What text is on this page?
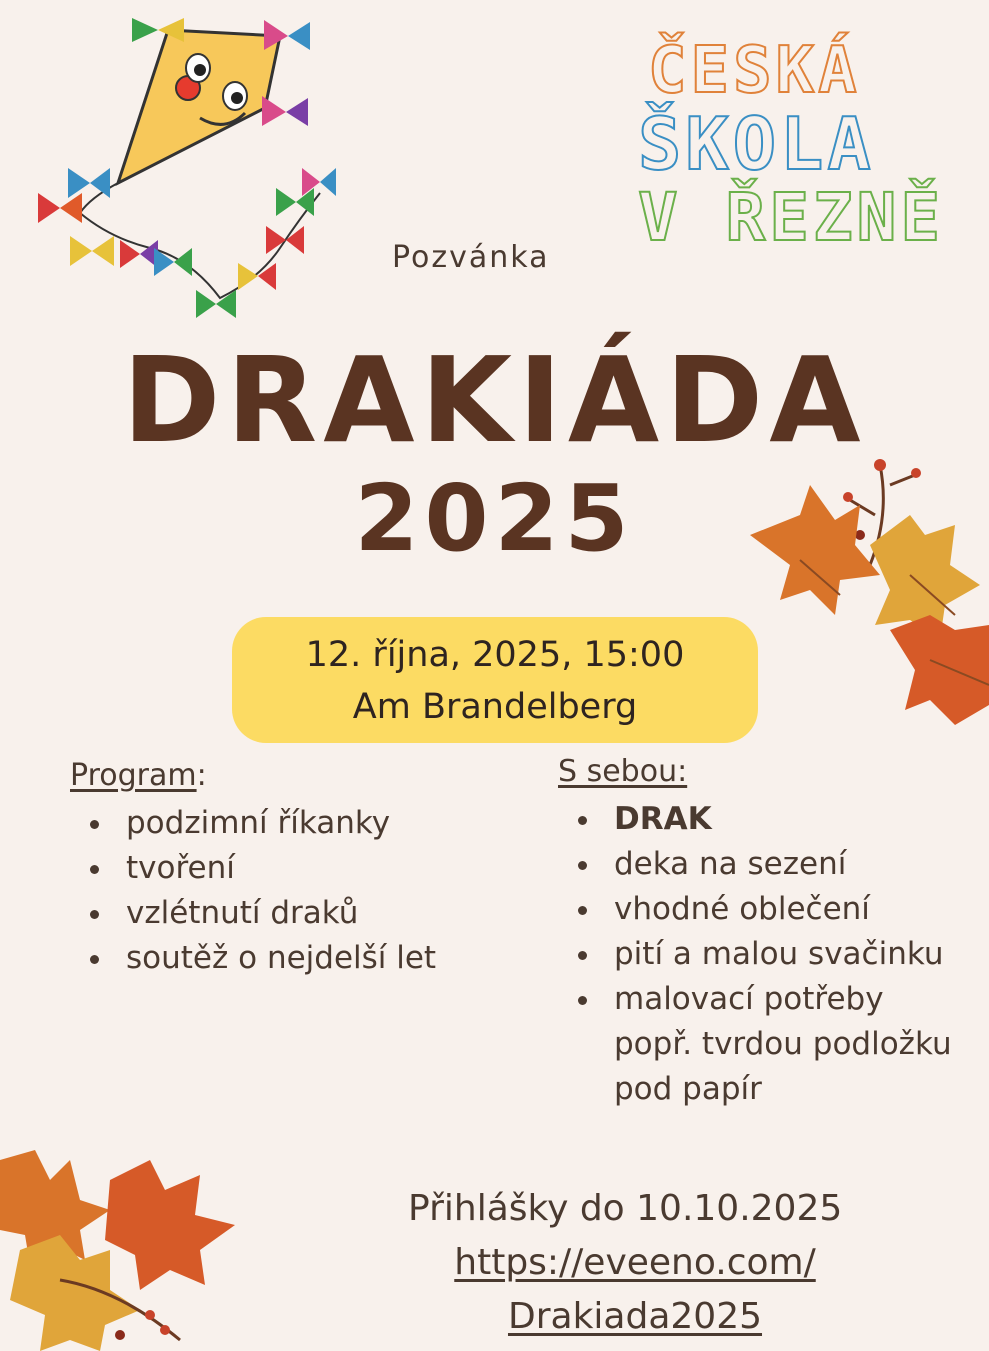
ČESKÁ
ŠKOLA
V ŘEZNĚ
Pozvánka
DRAKIÁDA
2025
12. října, 2025, 15:00
Am Brandelberg
Program:
podzimní říkanky
tvoření
vzlétnutí draků
soutěž o nejdelší let
S sebou:
DRAK
deka na sezení
vhodné oblečení
pití a malou svačinku
malovací potřeby popř. tvrdou podložku pod papír
Přihlášky do 10.10.2025
https://eveeno.com/
Drakiada2025
